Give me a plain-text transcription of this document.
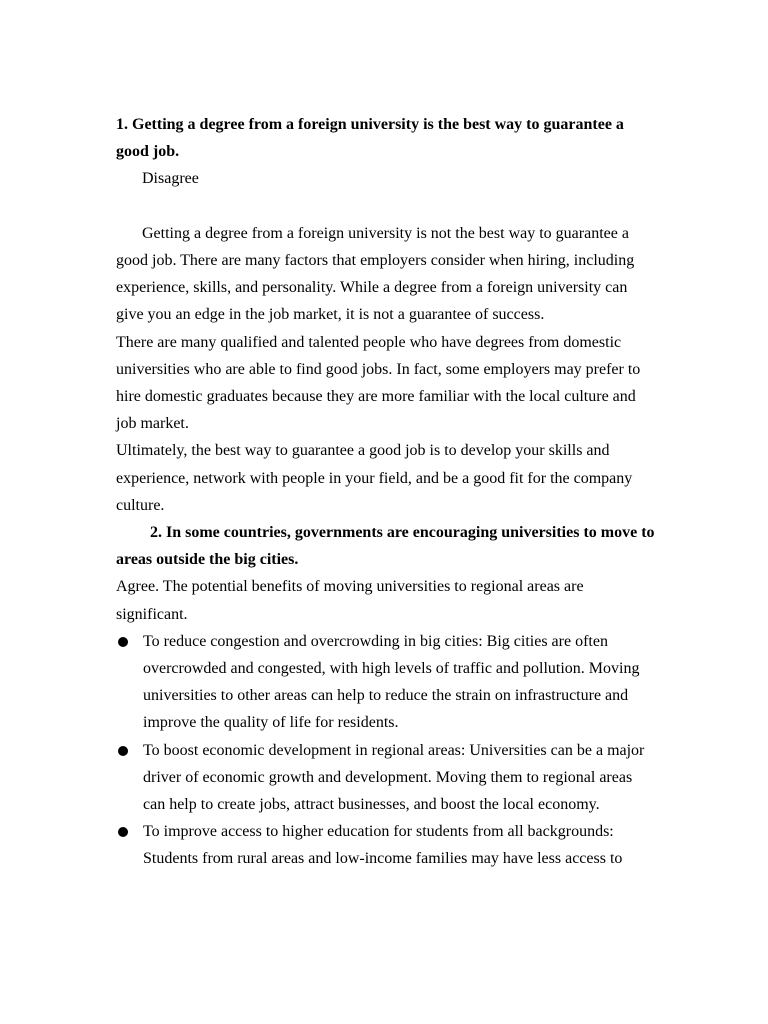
1. Getting a degree from a foreign university is the best way to guarantee a good job.

Disagree

Getting a degree from a foreign university is not the best way to guarantee a good job. There are many factors that employers consider when hiring, including experience, skills, and personality. While a degree from a foreign university can give you an edge in the job market, it is not a guarantee of success.

There are many qualified and talented people who have degrees from domestic universities who are able to find good jobs. In fact, some employers may prefer to hire domestic graduates because they are more familiar with the local culture and job market.

Ultimately, the best way to guarantee a good job is to develop your skills and experience, network with people in your field, and be a good fit for the company culture.

2. In some countries, governments are encouraging universities to move to areas outside the big cities.

Agree. The potential benefits of moving universities to regional areas are significant.

To reduce congestion and overcrowding in big cities: Big cities are often overcrowded and congested, with high levels of traffic and pollution. Moving universities to other areas can help to reduce the strain on infrastructure and improve the quality of life for residents.
To boost economic development in regional areas: Universities can be a major driver of economic growth and development. Moving them to regional areas can help to create jobs, attract businesses, and boost the local economy.
To improve access to higher education for students from all backgrounds: Students from rural areas and low-income families may have less access to
